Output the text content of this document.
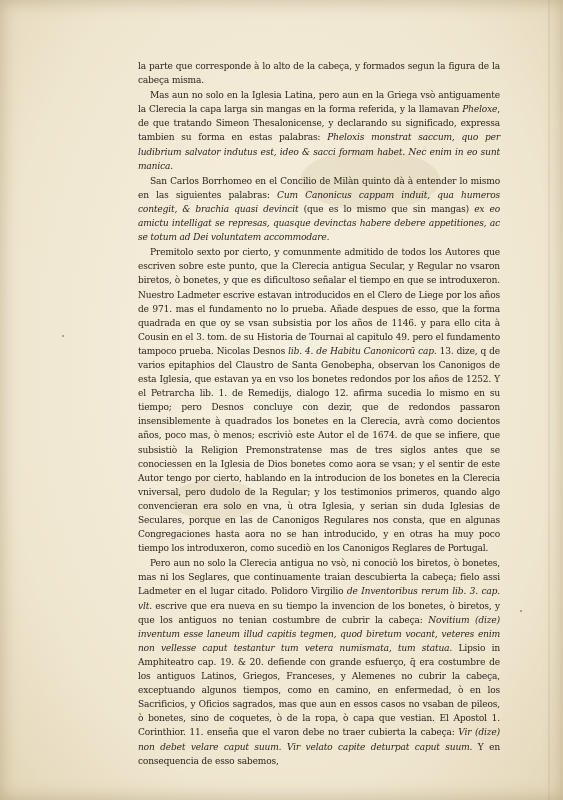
la parte que corresponde à lo alto de la cabeça, y formados segun la figura de la cabeça misma.

Mas aun no solo en la Iglesia Latina, pero aun en la Griega vsò antiguamente la Clerecia la capa larga sin mangas en la forma referida, y la llamavan Pheloxe, de que tratando Simeon Thesalonicense, y declarando su significado, expressa tambien su forma en estas palabras: Pheloxis monstrat saccum, quo per ludibrium salvator indutus est, ideo & sacci formam habet. Nec enim in eo sunt manica.

San Carlos Borrhomeo en el Concilio de Milàn quinto dà à entender lo mismo en las siguientes palabras: Cum Canonicus cappam induit, qua humeros contegit, & brachia quasi devincit (que es lo mismo que sin mangas) ex eo amictu intelligat se represas, quasque devinctas habere debere appetitiones, ac se totum ad Dei voluntatem accommodare.

Premitolo sexto por cierto, y comunmente admitido de todos los Autores que escriven sobre este punto, que la Clerecia antigua Secular, y Regular no vsaron biretos, ò bonetes, y que es dificultoso señalar el tiempo en que se introduxeron. Nuestro Ladmeter escrive estavan introducidos en el Clero de Liege por los años de 971. mas el fundamento no lo prueba. Añade despues de esso, que la forma quadrada en que oy se vsan subsistia por los años de 1146. y para ello cita à Cousin en el 3. tom. de su Historia de Tournai al capitulo 49. pero el fundamento tampoco prueba. Nicolas Desnos lib. 4. de Habitu Canonicorū cap. 13. dize, q de varios epitaphios del Claustro de Santa Genobepha, observan los Canonigos de esta Iglesia, que estavan ya en vso los bonetes redondos por los años de 1252. Y el Petrarcha lib. 1. de Remedijs, dialogo 12. afirma sucedia lo mismo en su tiempo; pero Desnos concluye con dezir, que de redondos passaron insensiblemente à quadrados los bonetes en la Clerecia, avrà como docientos años, poco mas, ò menos; escriviò este Autor el de 1674. de que se infiere, que subsistiò la Religion Premonstratense mas de tres siglos antes que se conociessen en la Iglesia de Dios bonetes como aora se vsan; y el sentir de este Autor tengo por cierto, hablando en la introducion de los bonetes en la Clerecia vniversal, pero dudolo de la Regular; y los testimonios primeros, quando algo convencieran era solo en vna, ù otra Iglesia, y serian sin duda Iglesias de Seculares, porque en las de Canonigos Regulares nos consta, que en algunas Congregaciones hasta aora no se han introducido, y en otras ha muy poco tiempo los introduxeron, como sucediò en los Canonigos Reglares de Portugal.

Pero aun no solo la Clerecia antigua no vsò, ni conociò los biretos, ò bonetes, mas ni los Seglares, que continuamente traian descubierta la cabeça; fielo assi Ladmeter en el lugar citado. Polidoro Virgilio de Inventoribus rerum lib. 3. cap. vlt. escrive que era nueva en su tiempo la invencion de los bonetes, ò biretos, y que los antiguos no tenian costumbre de cubrir la cabeça: Novitium (dize) inventum esse laneum illud capitis tegmen, quod biretum vocant, veteres enim non vellesse caput testantur tum vetera numismata, tum statua. Lipsio in Amphiteatro cap. 19. & 20. defiende con grande esfuerço, q̄ era costumbre de los antiguos Latinos, Griegos, Franceses, y Alemenes no cubrir la cabeça, exceptuando algunos tiempos, como en camino, en enfermedad, ò en los Sacrificios, y Oficios sagrados, mas que aun en essos casos no vsaban de pileos, ò bonetes, sino de coquetes, ò de la ropa, ò capa que vestian. El Apostol 1. Corinthior. 11. enseña que el varon debe no traer cubierta la cabeça: Vir (dize) non debet velare caput suum. Vir velato capite deturpat caput suum. Y en consequencia de esso sabemos,
